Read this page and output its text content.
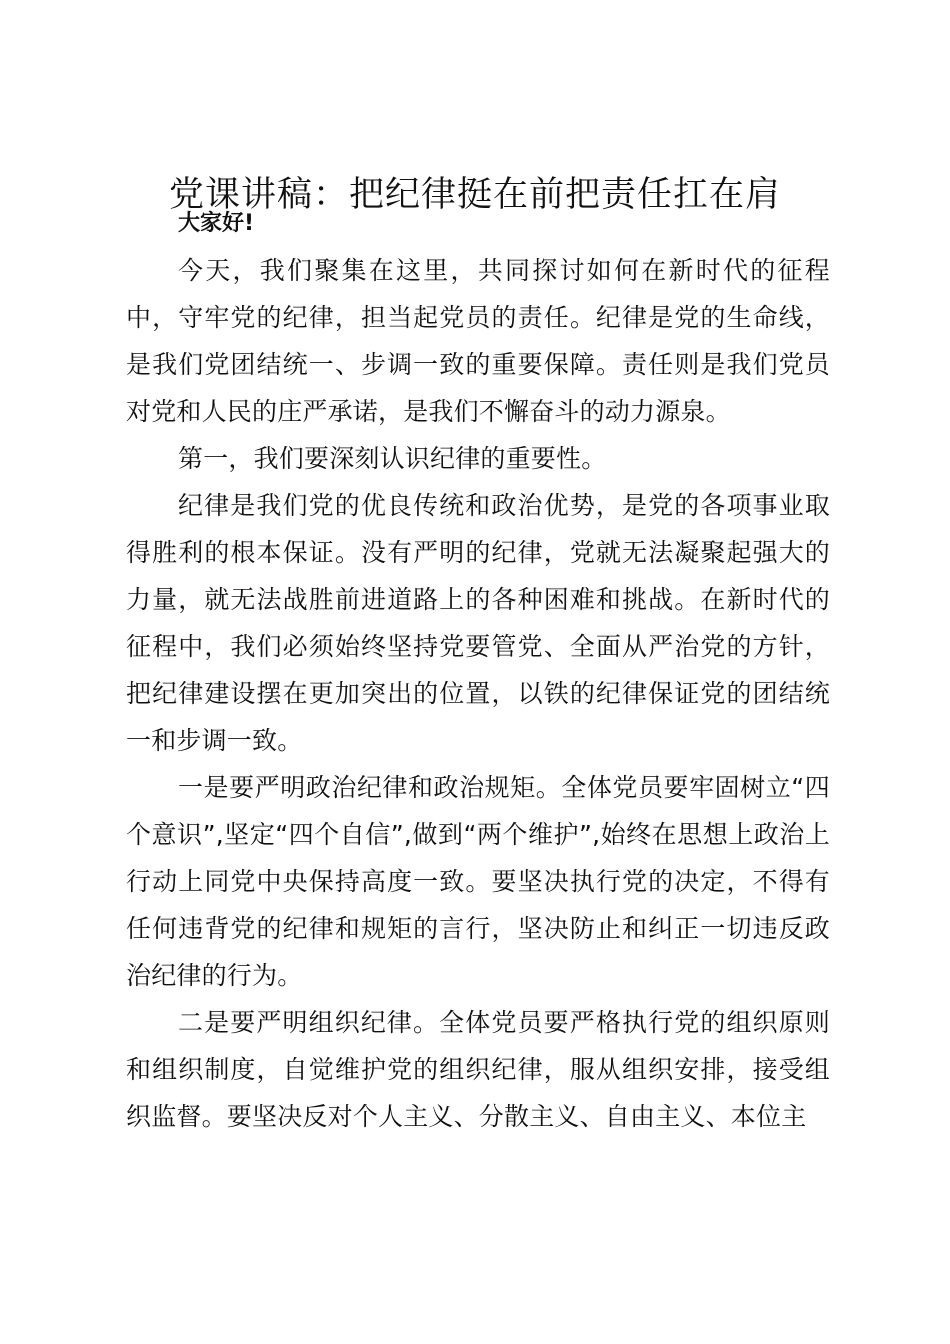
党课讲稿：把纪律挺在前把责任扛在肩

大家好!

今天，我们聚集在这里，共同探讨如何在新时代的征程中，守牢党的纪律，担当起党员的责任。纪律是党的生命线，是我们党团结统一、步调一致的重要保障。责任则是我们党员对党和人民的庄严承诺，是我们不懈奋斗的动力源泉。

第一，我们要深刻认识纪律的重要性。

纪律是我们党的优良传统和政治优势，是党的各项事业取得胜利的根本保证。没有严明的纪律，党就无法凝聚起强大的力量，就无法战胜前进道路上的各种困难和挑战。在新时代的征程中，我们必须始终坚持党要管党、全面从严治党的方针，把纪律建设摆在更加突出的位置，以铁的纪律保证党的团结统一和步调一致。

一是要严明政治纪律和政治规矩。全体党员要牢固树立“四个意识”,坚定“四个自信”,做到“两个维护”,始终在思想上政治上行动上同党中央保持高度一致。要坚决执行党的决定，不得有任何违背党的纪律和规矩的言行，坚决防止和纠正一切违反政治纪律的行为。

二是要严明组织纪律。全体党员要严格执行党的组织原则和组织制度，自觉维护党的组织纪律，服从组织安排，接受组织监督。要坚决反对个人主义、分散主义、自由主义、本位主
